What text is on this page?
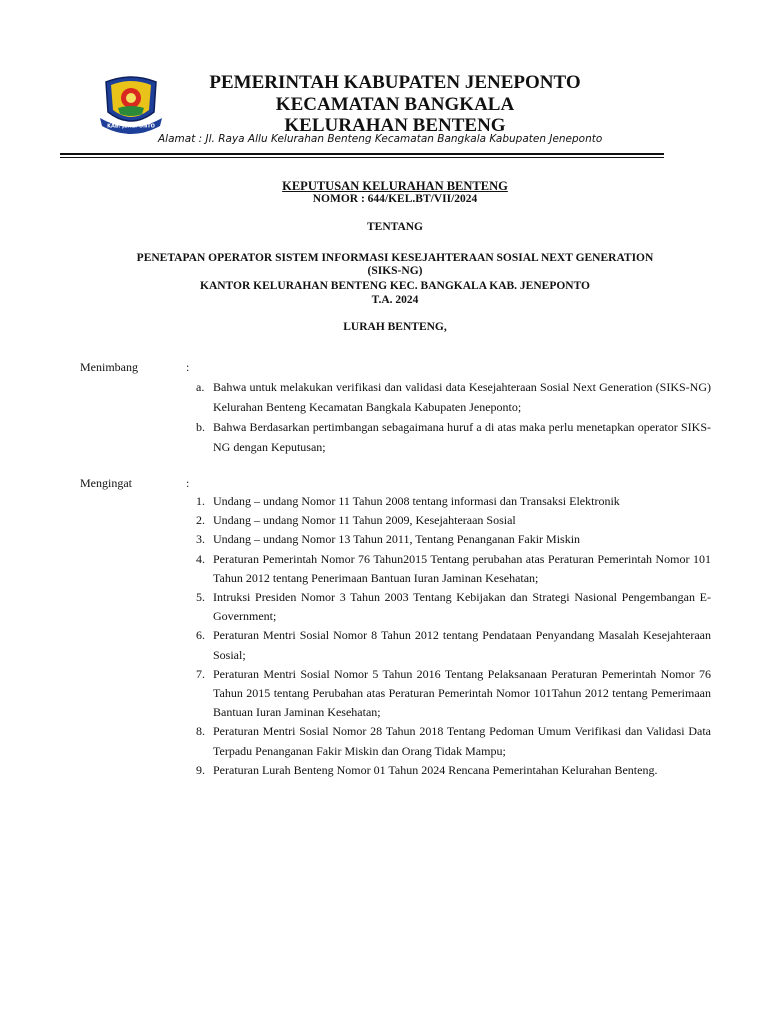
KAB. JENEPONTO
PEMERINTAH KABUPATEN JENEPONTO
KECAMATAN BANGKALA
KELURAHAN BENTENG
Alamat : Jl. Raya Allu Kelurahan Benteng Kecamatan Bangkala Kabupaten Jeneponto
KEPUTUSAN KELURAHAN BENTENG
NOMOR : 644/KEL.BT/VII/2024
TENTANG
PENETAPAN OPERATOR SISTEM INFORMASI KESEJAHTERAAN SOSIAL NEXT GENERATION
(SIKS-NG)
KANTOR KELURAHAN BENTENG KEC. BANGKALA KAB. JENEPONTO
T.A. 2024
LURAH BENTENG,
Menimbang	:
a. Bahwa untuk melakukan verifikasi dan validasi data Kesejahteraan Sosial Next Generation (SIKS-NG) Kelurahan Benteng Kecamatan Bangkala Kabupaten Jeneponto;
b. Bahwa Berdasarkan pertimbangan sebagaimana huruf a di atas maka perlu menetapkan operator SIKS-NG dengan Keputusan;
Mengingat	:
1. Undang – undang Nomor 11 Tahun 2008 tentang informasi dan Transaksi Elektronik
2. Undang – undang Nomor 11 Tahun 2009, Kesejahteraan Sosial
3. Undang – undang Nomor 13 Tahun 2011, Tentang Penanganan Fakir Miskin
4. Peraturan Pemerintah Nomor 76 Tahun2015 Tentang perubahan atas Peraturan Pemerintah Nomor 101 Tahun 2012 tentang Penerimaan Bantuan Iuran Jaminan Kesehatan;
5. Intruksi Presiden Nomor 3 Tahun 2003 Tentang Kebijakan dan Strategi Nasional Pengembangan E-Government;
6. Peraturan Mentri Sosial Nomor 8 Tahun 2012 tentang Pendataan Penyandang Masalah Kesejahteraan Sosial;
7. Peraturan Mentri Sosial Nomor 5 Tahun 2016 Tentang Pelaksanaan Peraturan Pemerintah Nomor 76 Tahun 2015 tentang Perubahan atas Peraturan Pemerintah Nomor 101Tahun 2012 tentang Pemerimaan Bantuan Iuran Jaminan Kesehatan;
8. Peraturan Mentri Sosial Nomor 28 Tahun 2018 Tentang Pedoman Umum Verifikasi dan Validasi Data Terpadu Penanganan Fakir Miskin dan Orang Tidak Mampu;
9. Peraturan Lurah Benteng Nomor 01 Tahun 2024 Rencana Pemerintahan Kelurahan Benteng.
